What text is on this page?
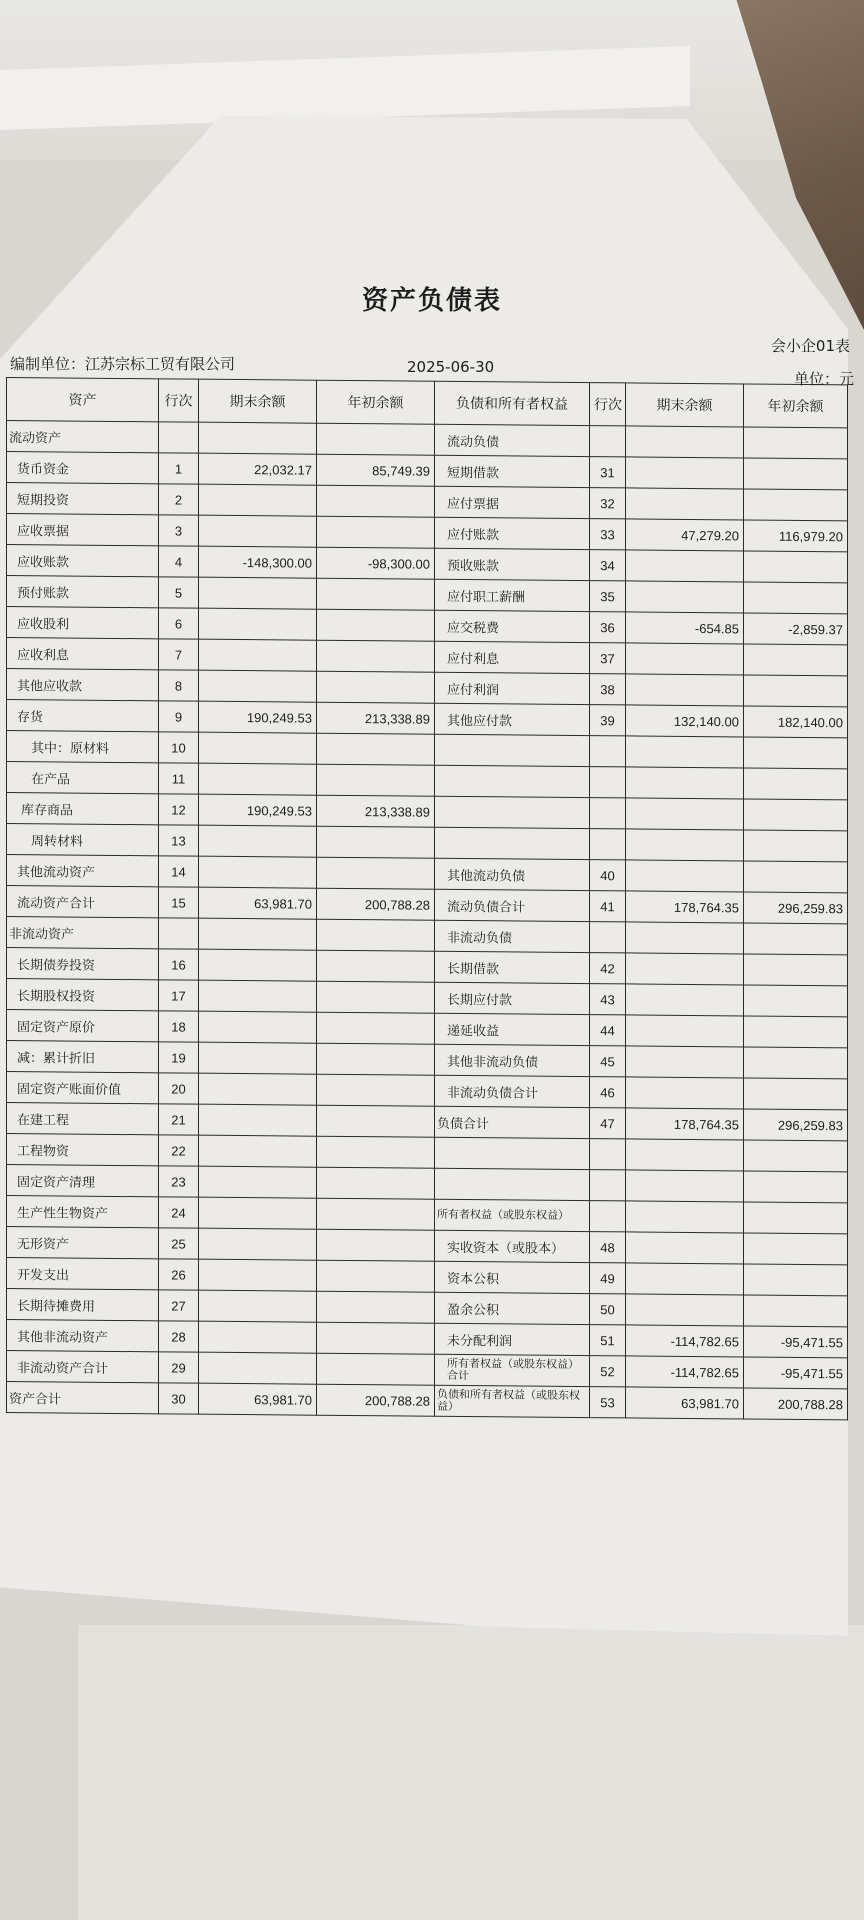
资产负债表
会小企01表
编制单位：江苏宗标工贸有限公司	2025-06-30
单位：元
资产	行次	期末余额	年初余额	负债和所有者权益	行次	期末余额	年初余额
流动资产				流动负债			
货币资金	1	22,032.17	85,749.39	短期借款	31		
短期投资	2			应付票据	32		
应收票据	3			应付账款	33	47,279.20	116,979.20
应收账款	4	-148,300.00	-98,300.00	预收账款	34		
预付账款	5			应付职工薪酬	35		
应收股利	6			应交税费	36	-654.85	-2,859.37
应收利息	7			应付利息	37		
其他应收款	8			应付利润	38		
存货	9	190,249.53	213,338.89	其他应付款	39	132,140.00	182,140.00
其中：原材料	10						
在产品	11						
库存商品	12	190,249.53	213,338.89				
周转材料	13						
其他流动资产	14			其他流动负债	40		
流动资产合计	15	63,981.70	200,788.28	流动负债合计	41	178,764.35	296,259.83
非流动资产				非流动负债			
长期债券投资	16			长期借款	42		
长期股权投资	17			长期应付款	43		
固定资产原价	18			递延收益	44		
减：累计折旧	19			其他非流动负债	45		
固定资产账面价值	20			非流动负债合计	46		
在建工程	21			负债合计	47	178,764.35	296,259.83
工程物资	22						
固定资产清理	23						
生产性生物资产	24			所有者权益（或股东权益）			
无形资产	25			实收资本（或股本）	48		
开发支出	26			资本公积	49		
长期待摊费用	27			盈余公积	50		
其他非流动资产	28			未分配利润	51	-114,782.65	-95,471.55
非流动资产合计	29			所有者权益（或股东权益）合计	52	-114,782.65	-95,471.55
资产合计	30	63,981.70	200,788.28	负债和所有者权益（或股东权益）	53	63,981.70	200,788.28
